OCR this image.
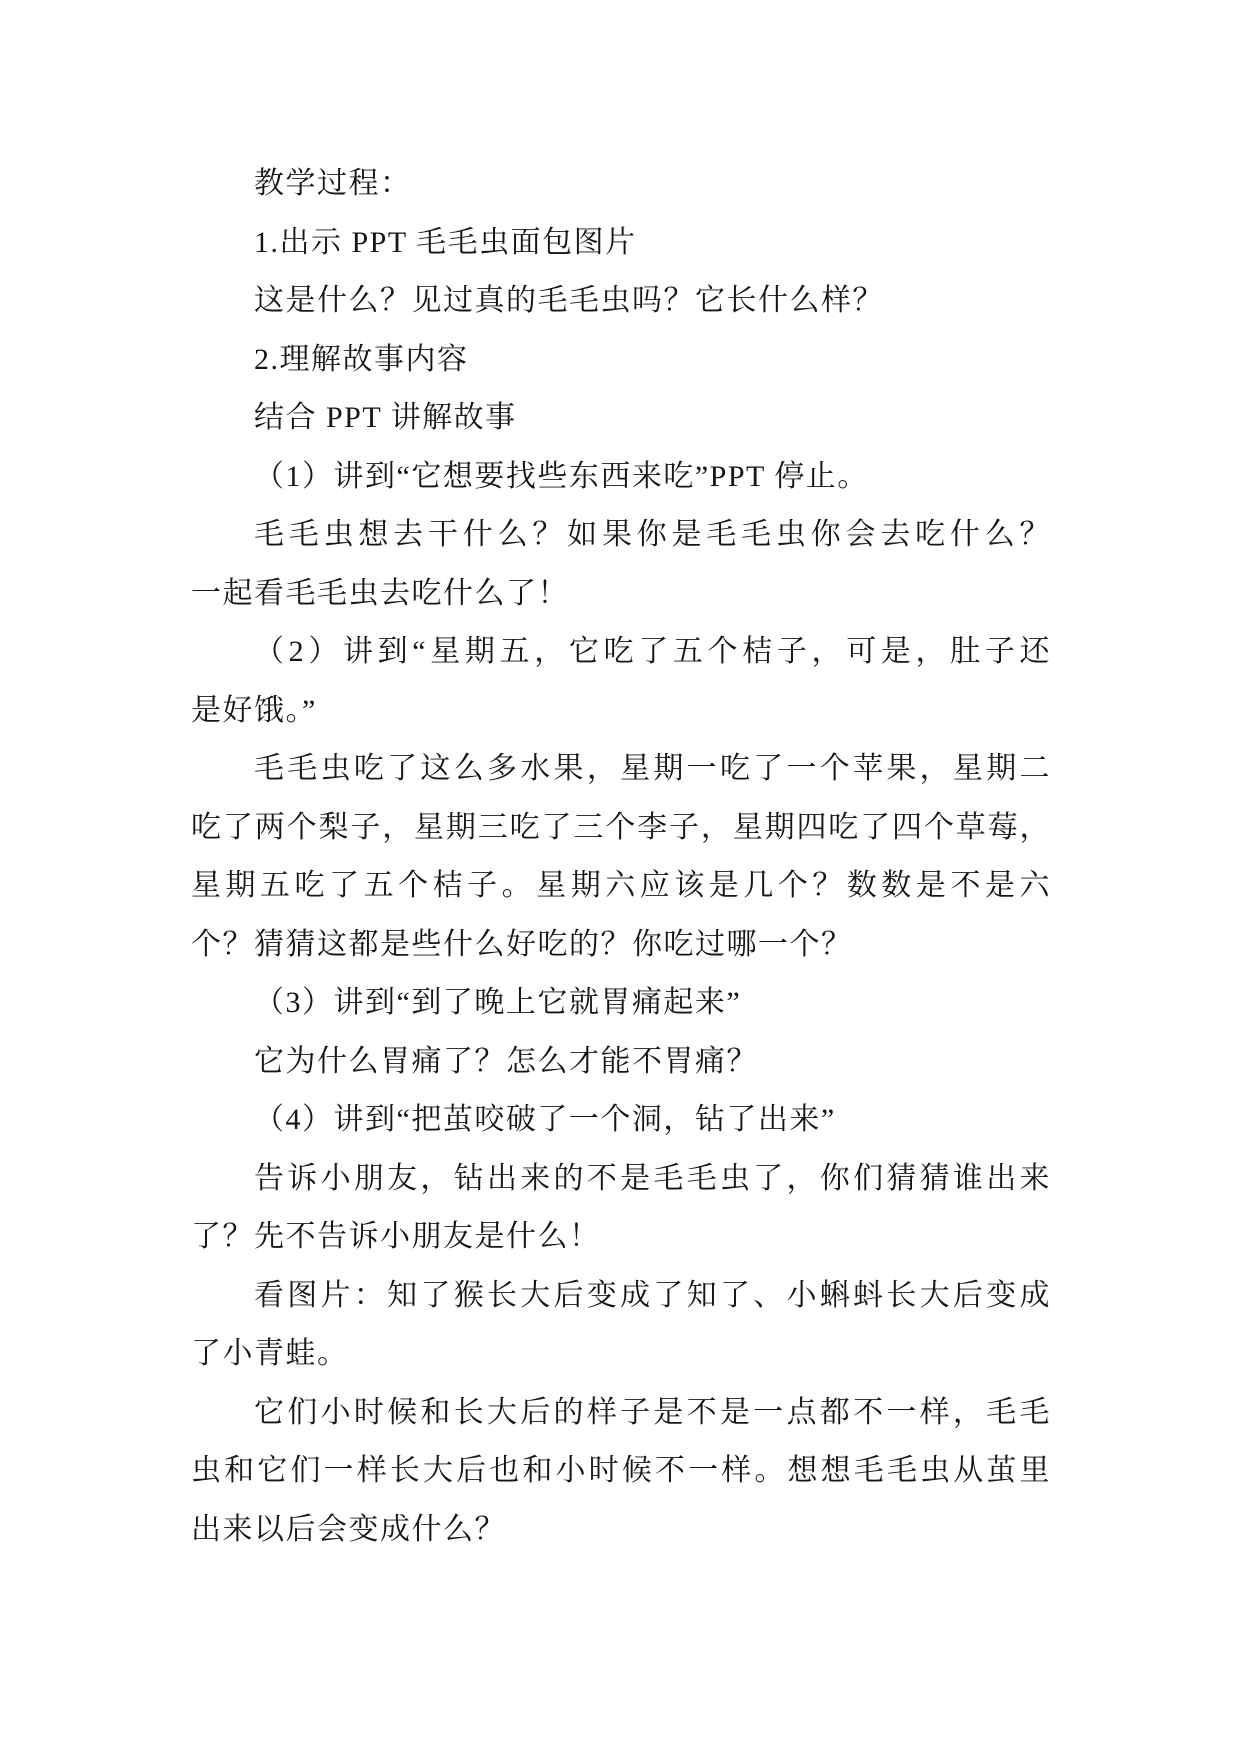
教学过程：
1.出示 PPT 毛毛虫面包图片
这是什么？见过真的毛毛虫吗？它长什么样？
2.理解故事内容
结合 PPT 讲解故事
（1）讲到“它想要找些东西来吃”PPT 停止。
毛毛虫想去干什么？如果你是毛毛虫你会去吃什么？
一起看毛毛虫去吃什么了！
（2）讲到“星期五，它吃了五个桔子，可是，肚子还
是好饿。”
毛毛虫吃了这么多水果，星期一吃了一个苹果，星期二
吃了两个梨子，星期三吃了三个李子，星期四吃了四个草莓，
星期五吃了五个桔子。星期六应该是几个？数数是不是六
个？猜猜这都是些什么好吃的？你吃过哪一个？
（3）讲到“到了晚上它就胃痛起来”
它为什么胃痛了？怎么才能不胃痛？
（4）讲到“把茧咬破了一个洞，钻了出来”
告诉小朋友，钻出来的不是毛毛虫了，你们猜猜谁出来
了？先不告诉小朋友是什么！
看图片：知了猴长大后变成了知了、小蝌蚪长大后变成
了小青蛙。
它们小时候和长大后的样子是不是一点都不一样，毛毛
虫和它们一样长大后也和小时候不一样。想想毛毛虫从茧里
出来以后会变成什么？
